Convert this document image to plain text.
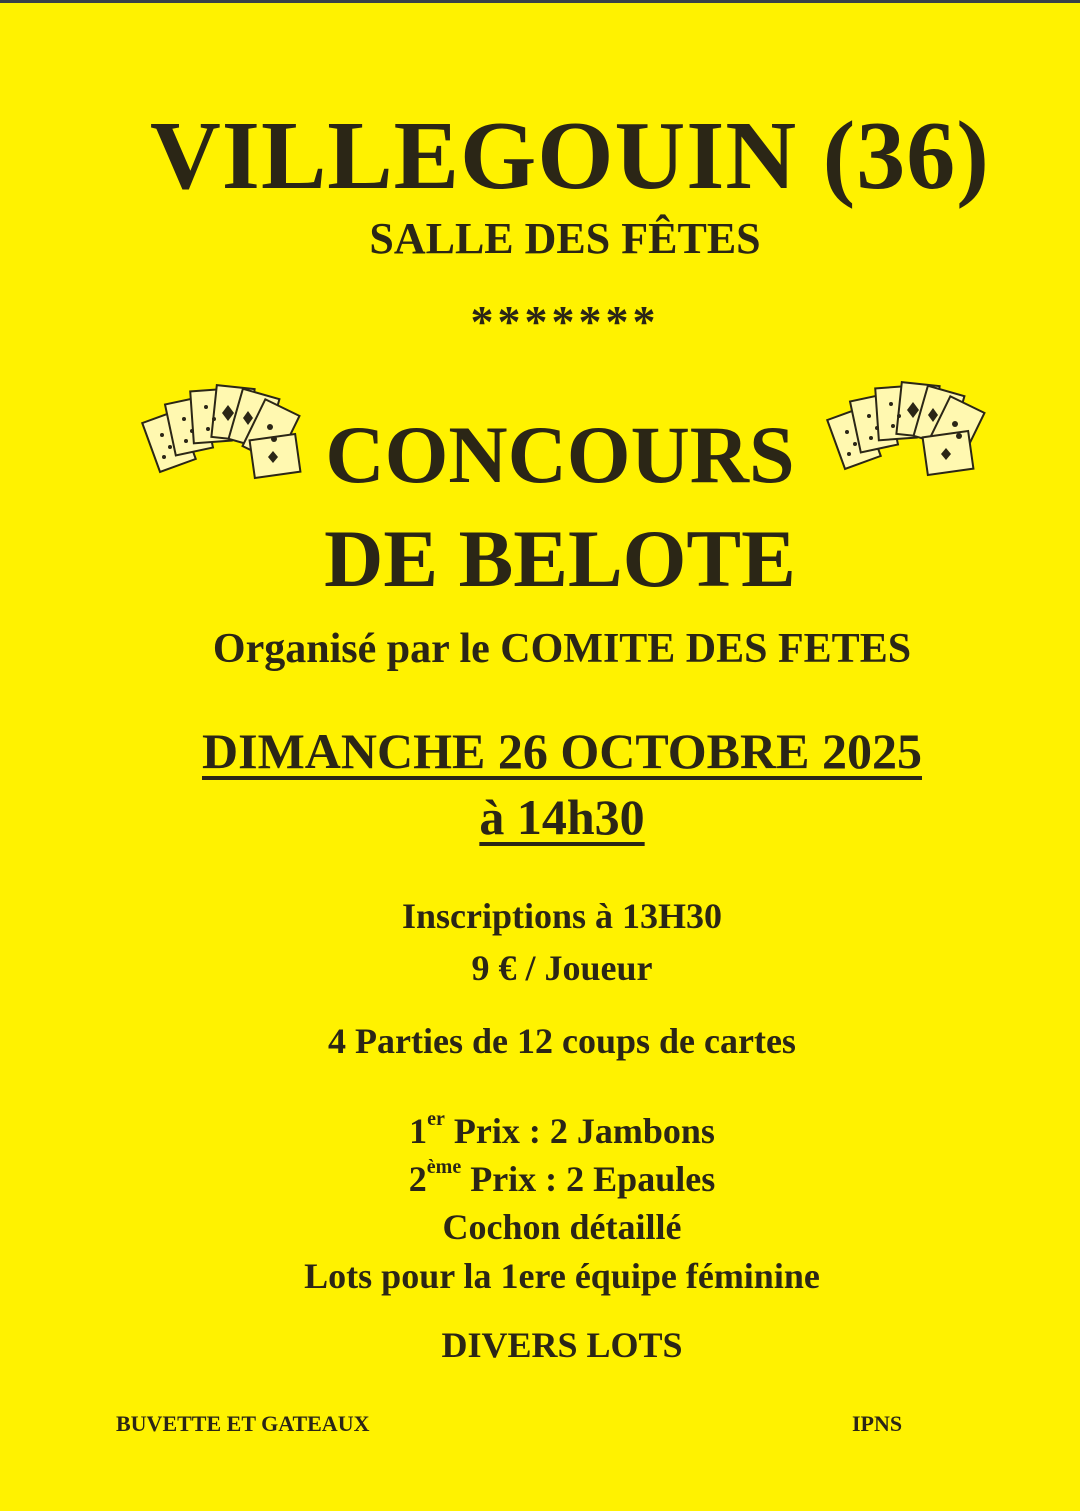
VILLEGOUIN (36)
SALLE DES FÊTES
*******
CONCOURS
DE BELOTE
Organisé par le COMITE DES FETES
DIMANCHE 26 OCTOBRE 2025
à 14h30
Inscriptions à 13H30
9 € / Joueur
4 Parties de 12 coups de cartes
1er Prix : 2 Jambons
2ème Prix : 2 Epaules
Cochon détaillé
Lots pour la 1ere équipe féminine
DIVERS LOTS
BUVETTE ET GATEAUX	IPNS
